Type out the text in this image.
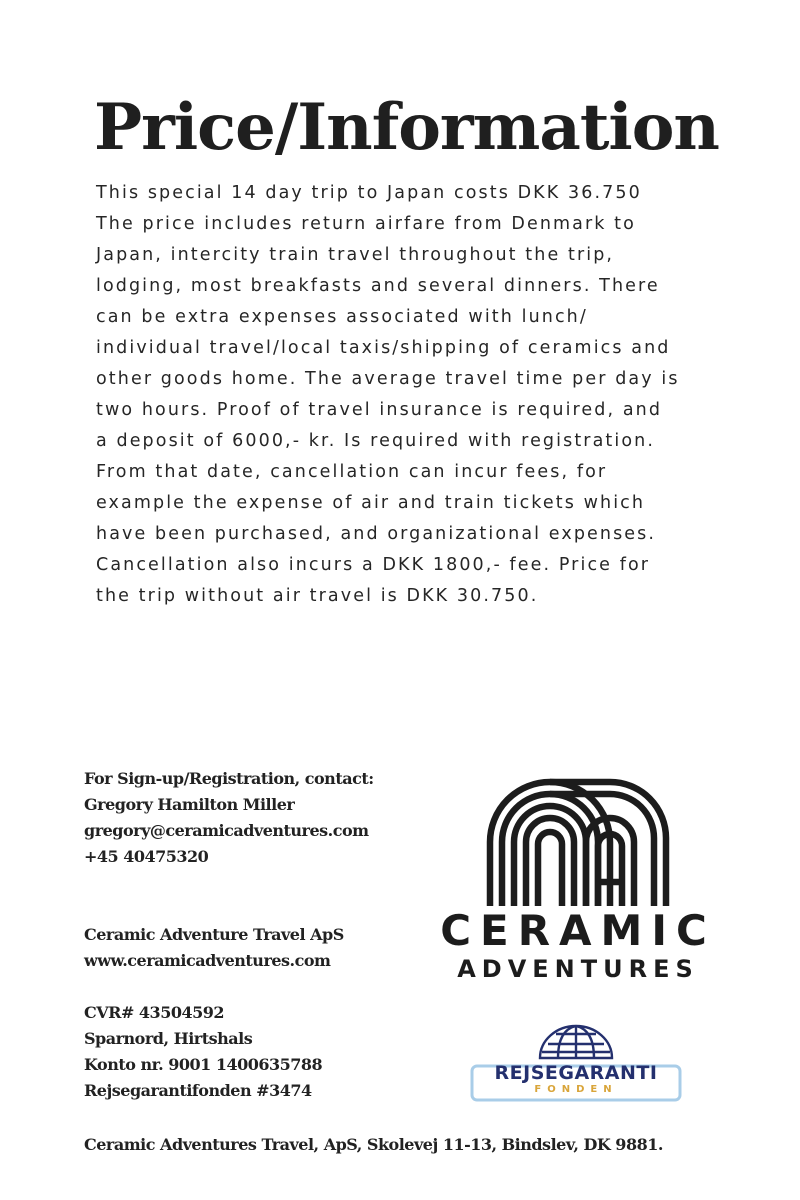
Price/Information
This special 14 day trip to Japan costs DKK 36.750
The price includes return airfare from Denmark to
Japan, intercity train travel throughout the trip,
lodging, most breakfasts and several dinners. There
can be extra expenses associated with lunch/
individual travel/local taxis/shipping of ceramics and
other goods home. The average travel time per day is
two hours. Proof of travel insurance is required, and
a deposit of 6000,- kr. Is required with registration.
From that date, cancellation can incur fees, for
example the expense of air and train tickets which
have been purchased, and organizational expenses.
Cancellation also incurs a DKK 1800,- fee. Price for
the trip without air travel is DKK 30.750.
For Sign-up/Registration, contact:
Gregory Hamilton Miller
gregory@ceramicadventures.com
+45 40475320
Ceramic Adventure Travel ApS
www.ceramicadventures.com
CVR# 43504592
Sparnord, Hirtshals
Konto nr. 9001 1400635788
Rejsegarantifonden #3474
CERAMIC
ADVENTURES
REJSEGARANTI
FONDEN
Ceramic Adventures Travel, ApS, Skolevej 11-13, Bindslev, DK 9881.
